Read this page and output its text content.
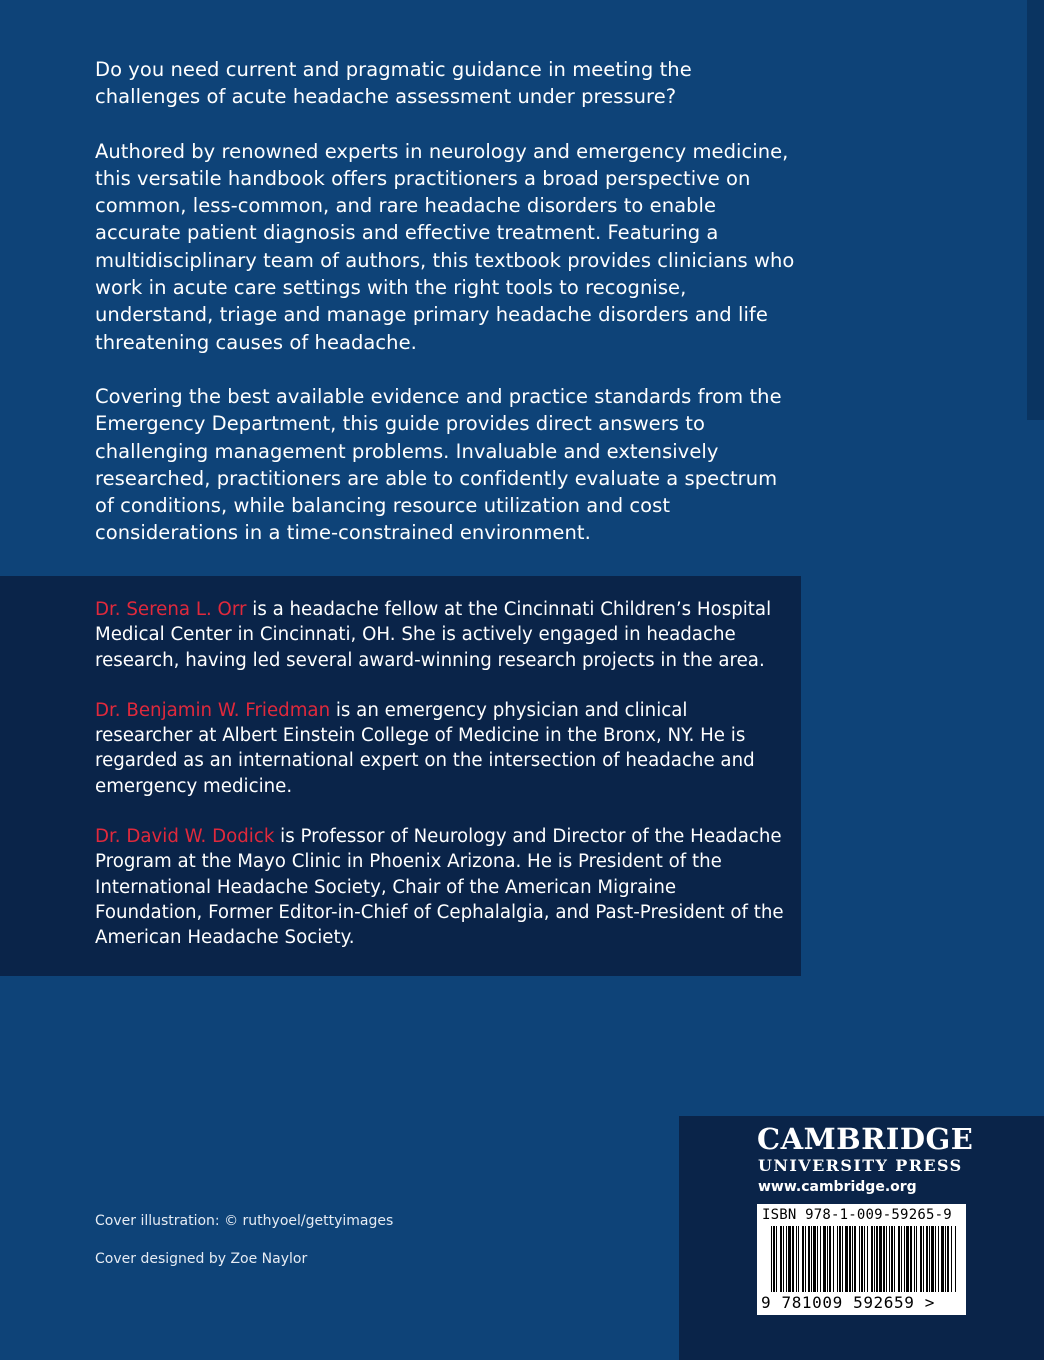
Do you need current and pragmatic guidance in meeting the challenges of acute headache assessment under pressure?

Authored by renowned experts in neurology and emergency medicine, this versatile handbook offers practitioners a broad perspective on common, less-common, and rare headache disorders to enable accurate patient diagnosis and effective treatment. Featuring a multidisciplinary team of authors, this textbook provides clinicians who work in acute care settings with the right tools to recognise, understand, triage and manage primary headache disorders and life threatening causes of headache.

Covering the best available evidence and practice standards from the Emergency Department, this guide provides direct answers to challenging management problems. Invaluable and extensively researched, practitioners are able to confidently evaluate a spectrum of conditions, while balancing resource utilization and cost considerations in a time-constrained environment.

Dr. Serena L. Orr is a headache fellow at the Cincinnati Children’s Hospital Medical Center in Cincinnati, OH. She is actively engaged in headache research, having led several award-winning research projects in the area.

Dr. Benjamin W. Friedman is an emergency physician and clinical researcher at Albert Einstein College of Medicine in the Bronx, NY. He is regarded as an international expert on the intersection of headache and emergency medicine.

Dr. David W. Dodick is Professor of Neurology and Director of the Headache Program at the Mayo Clinic in Phoenix Arizona. He is President of the International Headache Society, Chair of the American Migraine Foundation, Former Editor-in-Chief of Cephalalgia, and Past-President of the American Headache Society.

Cover illustration: © ruthyoel/gettyimages
Cover designed by Zoe Naylor
CAMBRIDGE
UNIVERSITY PRESS
www.cambridge.org
ISBN 978-1-009-59265-9
9 781009 592659 >
